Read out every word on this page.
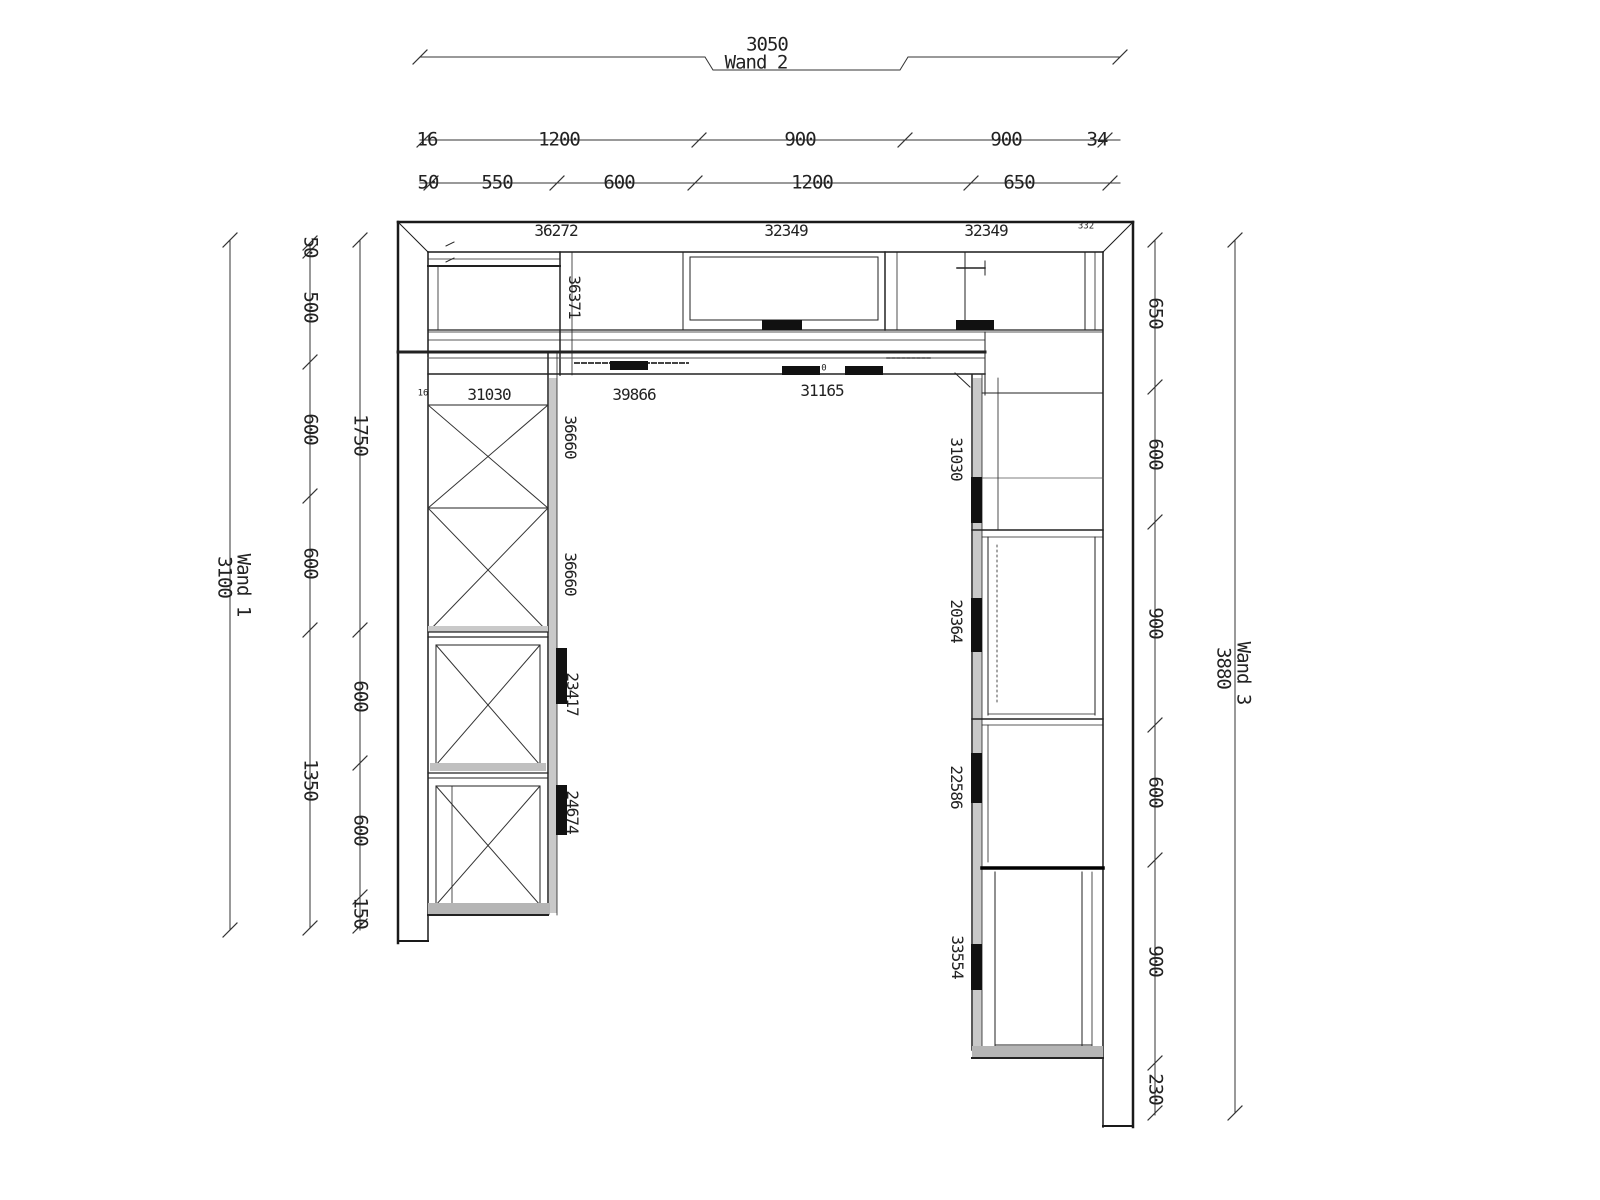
3050
Wand 2
16	1200	900	900	34
50 550	600	1200	650
36272	32349	32349	332
31030	39866	31165
16
0
36371
36660
36660
23417
24674
31030
20364
22586
33554
50
500
600
600
1350
1750
600
600
150
650
600
900
600
900
230
3100
Wand 1
3880
Wand 3
